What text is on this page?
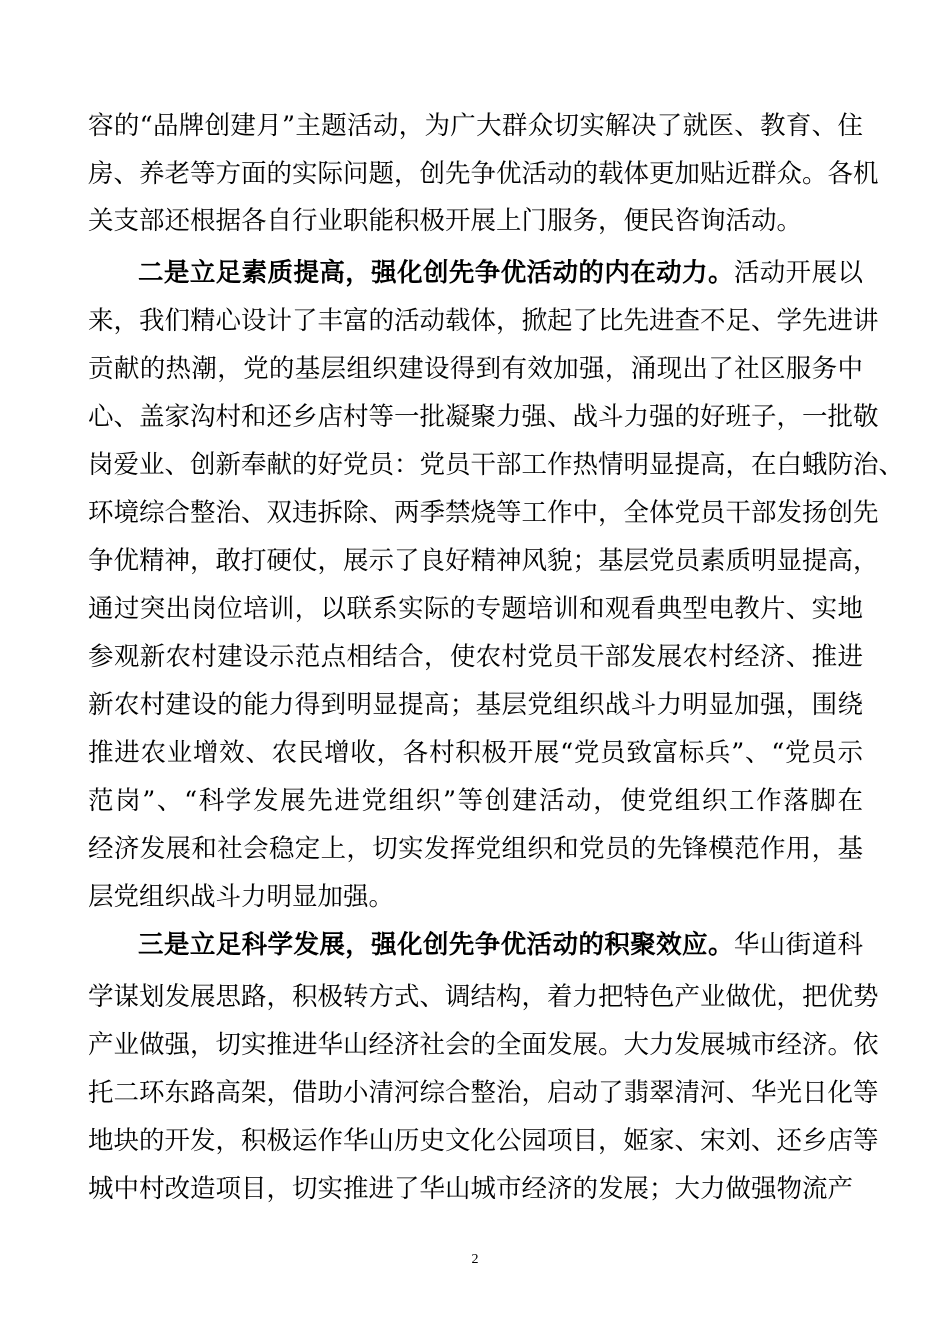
容的“品牌创建月”主题活动，为广大群众切实解决了就医、教育、住
房、养老等方面的实际问题，创先争优活动的载体更加贴近群众。各机
关支部还根据各自行业职能积极开展上门服务，便民咨询活动。
二是立足素质提高，强化创先争优活动的内在动力。活动开展以
来，我们精心设计了丰富的活动载体，掀起了比先进查不足、学先进讲
贡献的热潮，党的基层组织建设得到有效加强，涌现出了社区服务中
心、盖家沟村和还乡店村等一批凝聚力强、战斗力强的好班子，一批敬
岗爱业、创新奉献的好党员：党员干部工作热情明显提高，在白蛾防治、
环境综合整治、双违拆除、两季禁烧等工作中，全体党员干部发扬创先
争优精神，敢打硬仗，展示了良好精神风貌；基层党员素质明显提高，
通过突出岗位培训，以联系实际的专题培训和观看典型电教片、实地
参观新农村建设示范点相结合，使农村党员干部发展农村经济、推进
新农村建设的能力得到明显提高；基层党组织战斗力明显加强，围绕
推进农业增效、农民增收，各村积极开展“党员致富标兵”、“党员示
范岗”、“科学发展先进党组织”等创建活动，使党组织工作落脚在
经济发展和社会稳定上，切实发挥党组织和党员的先锋模范作用，基
层党组织战斗力明显加强。
三是立足科学发展，强化创先争优活动的积聚效应。华山街道科
学谋划发展思路，积极转方式、调结构，着力把特色产业做优，把优势
产业做强，切实推进华山经济社会的全面发展。大力发展城市经济。依
托二环东路高架，借助小清河综合整治，启动了翡翠清河、华光日化等
地块的开发，积极运作华山历史文化公园项目，姬家、宋刘、还乡店等
城中村改造项目，切实推进了华山城市经济的发展；大力做强物流产
2
